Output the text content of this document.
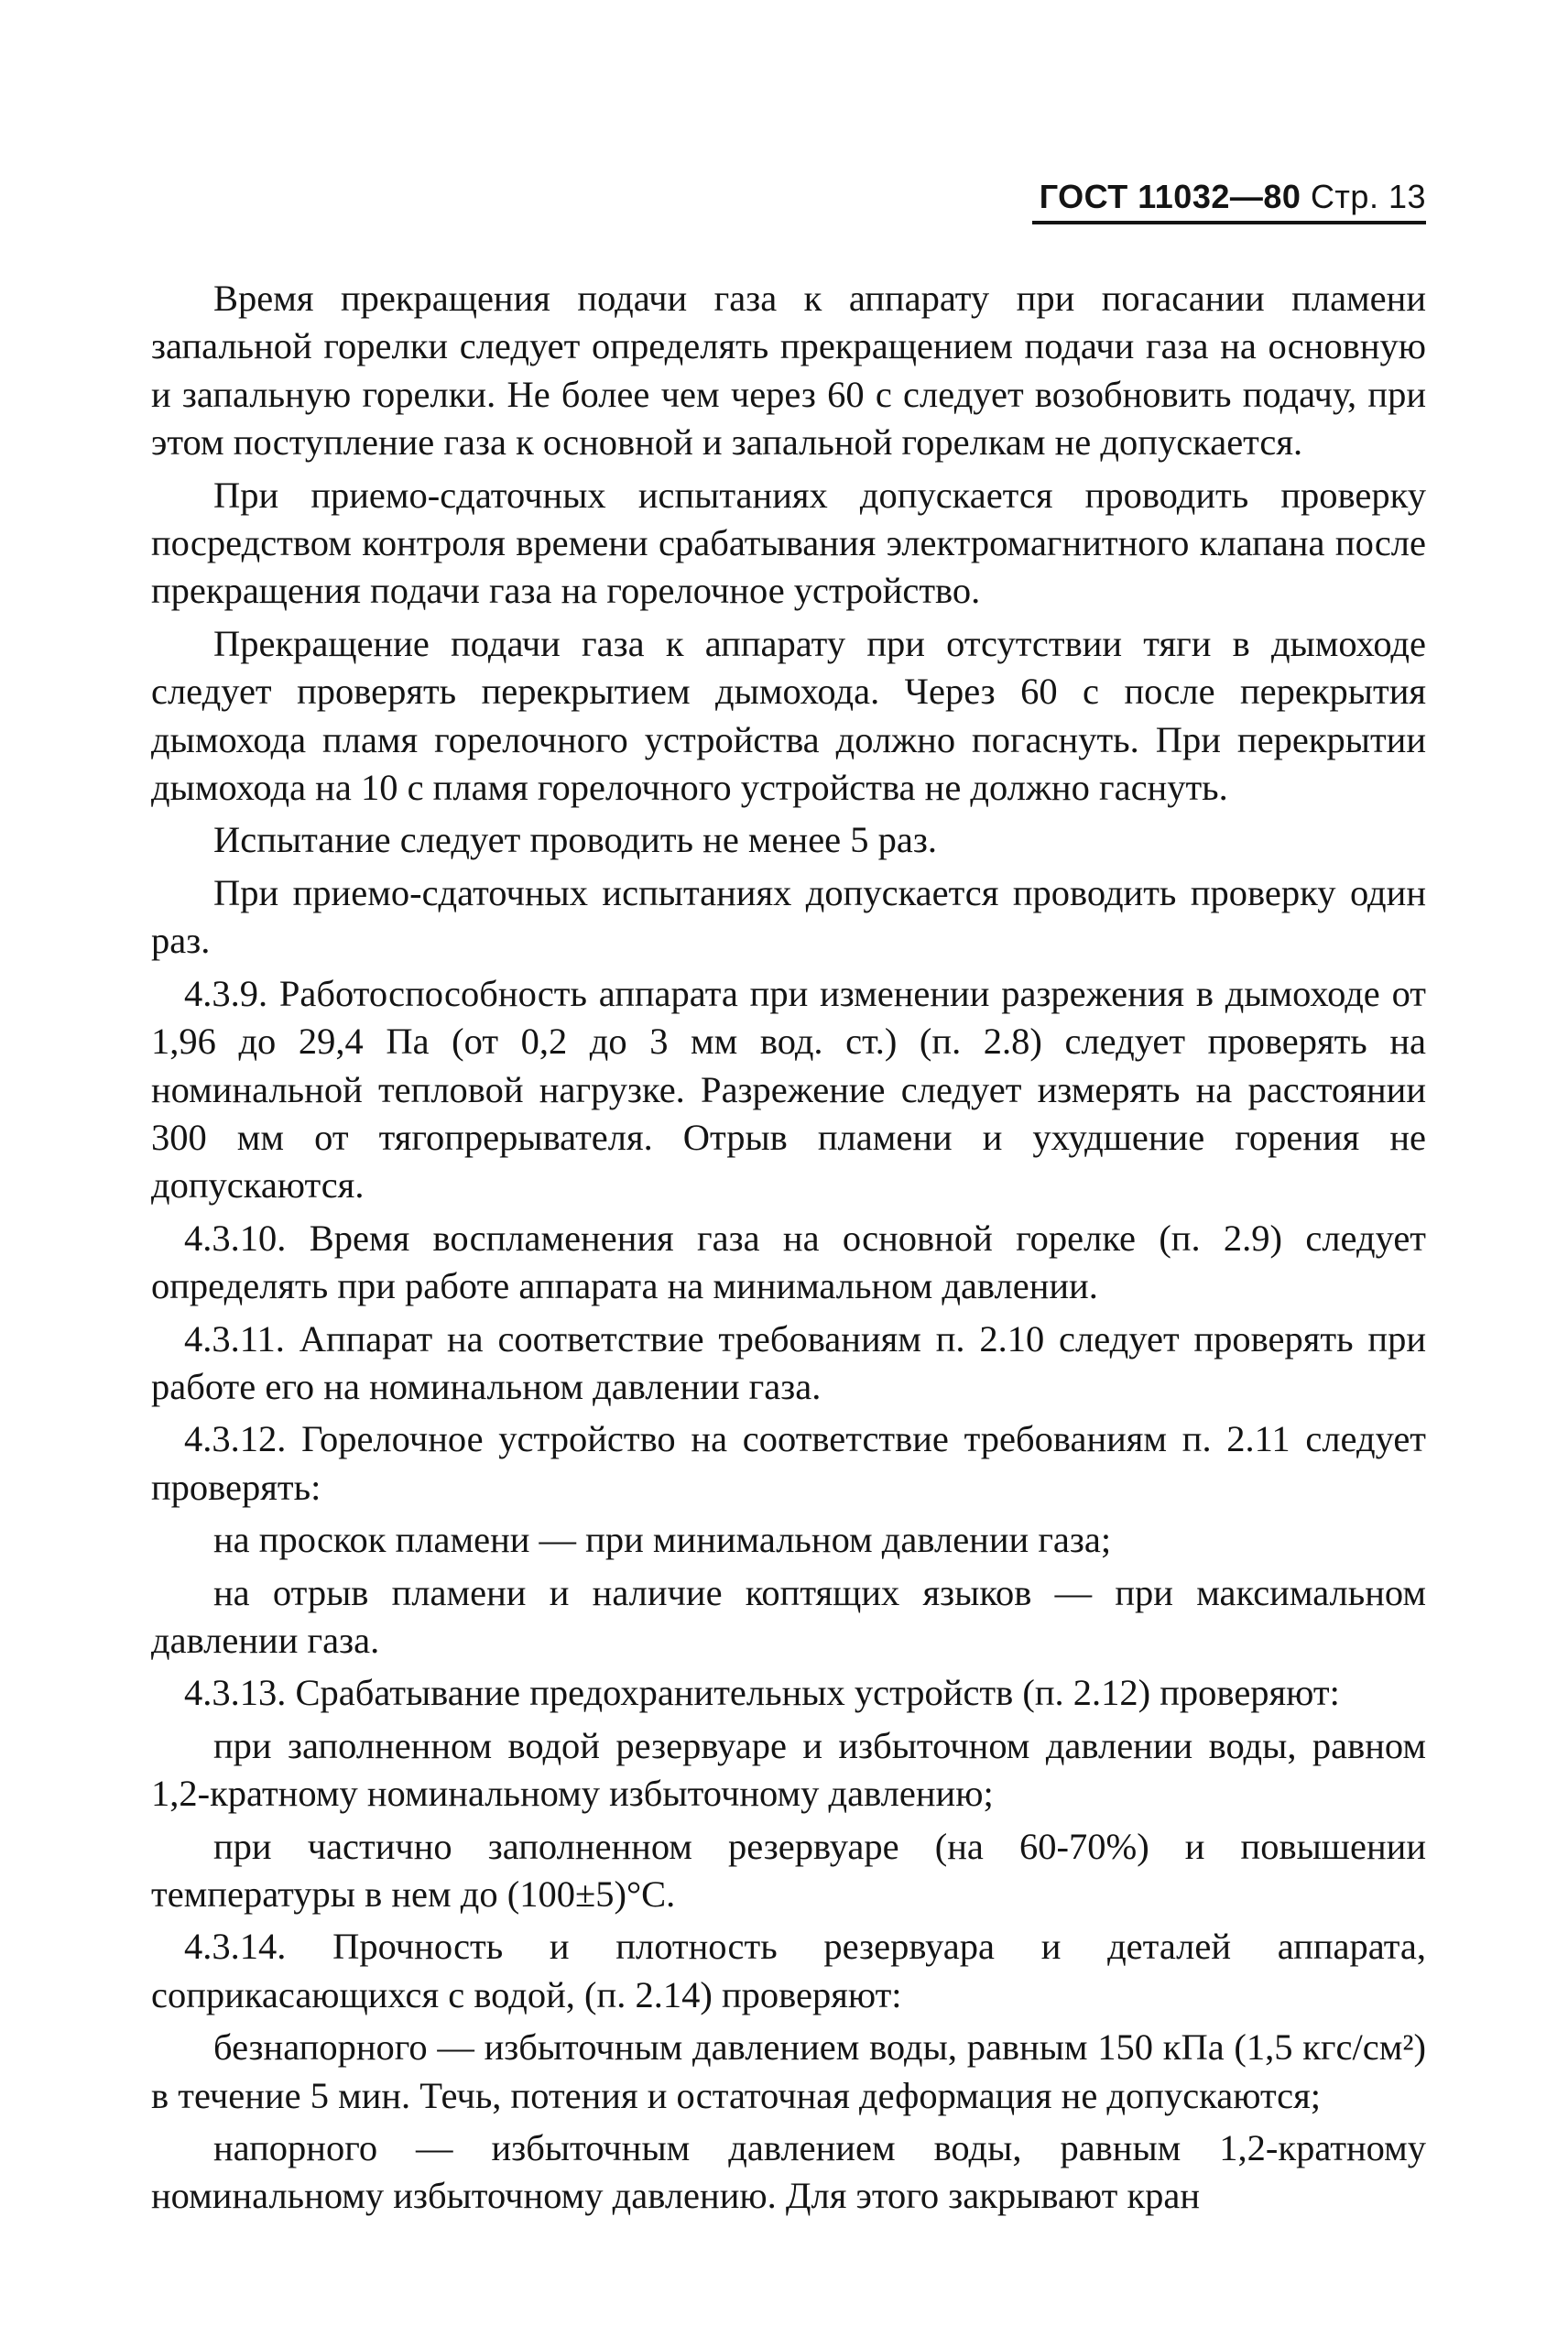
ГОСТ 11032—80 Стр. 13

Время прекращения подачи газа к аппарату при погасании пламени запальной горелки следует определять прекращением подачи газа на основную и запальную горелки. Не более чем через 60 с следует возобновить подачу, при этом поступление газа к основной и запальной горелкам не допускается.

При приемо-сдаточных испытаниях допускается проводить проверку посредством контроля времени срабатывания электромагнитного клапана после прекращения подачи газа на горелочное устройство.

Прекращение подачи газа к аппарату при отсутствии тяги в дымоходе следует проверять перекрытием дымохода. Через 60 с после перекрытия дымохода пламя горелочного устройства должно погаснуть. При перекрытии дымохода на 10 с пламя горелочного устройства не должно гаснуть.

Испытание следует проводить не менее 5 раз.

При приемо-сдаточных испытаниях допускается проводить проверку один раз.

4.3.9. Работоспособность аппарата при изменении разрежения в дымоходе от 1,96 до 29,4 Па (от 0,2 до 3 мм вод. ст.) (п. 2.8) следует проверять на номинальной тепловой нагрузке. Разрежение следует измерять на расстоянии 300 мм от тягопрерывателя. Отрыв пламени и ухудшение горения не допускаются.

4.3.10. Время воспламенения газа на основной горелке (п. 2.9) следует определять при работе аппарата на минимальном давлении.

4.3.11. Аппарат на соответствие требованиям п. 2.10 следует проверять при работе его на номинальном давлении газа.

4.3.12. Горелочное устройство на соответствие требованиям п. 2.11 следует проверять:

на проскок пламени — при минимальном давлении газа;

на отрыв пламени и наличие коптящих языков — при максимальном давлении газа.

4.3.13. Срабатывание предохранительных устройств (п. 2.12) проверяют:

при заполненном водой резервуаре и избыточном давлении воды, равном 1,2-кратному номинальному избыточному давлению;

при частично заполненном резервуаре (на 60-70%) и повышении температуры в нем до (100±5)°С.

4.3.14. Прочность и плотность резервуара и деталей аппарата, соприкасающихся с водой, (п. 2.14) проверяют:

безнапорного — избыточным давлением воды, равным 150 кПа (1,5 кгс/см²) в течение 5 мин. Течь, потения и остаточная деформация не допускаются;

напорного — избыточным давлением воды, равным 1,2-кратному номинальному избыточному давлению. Для этого закрывают кран
